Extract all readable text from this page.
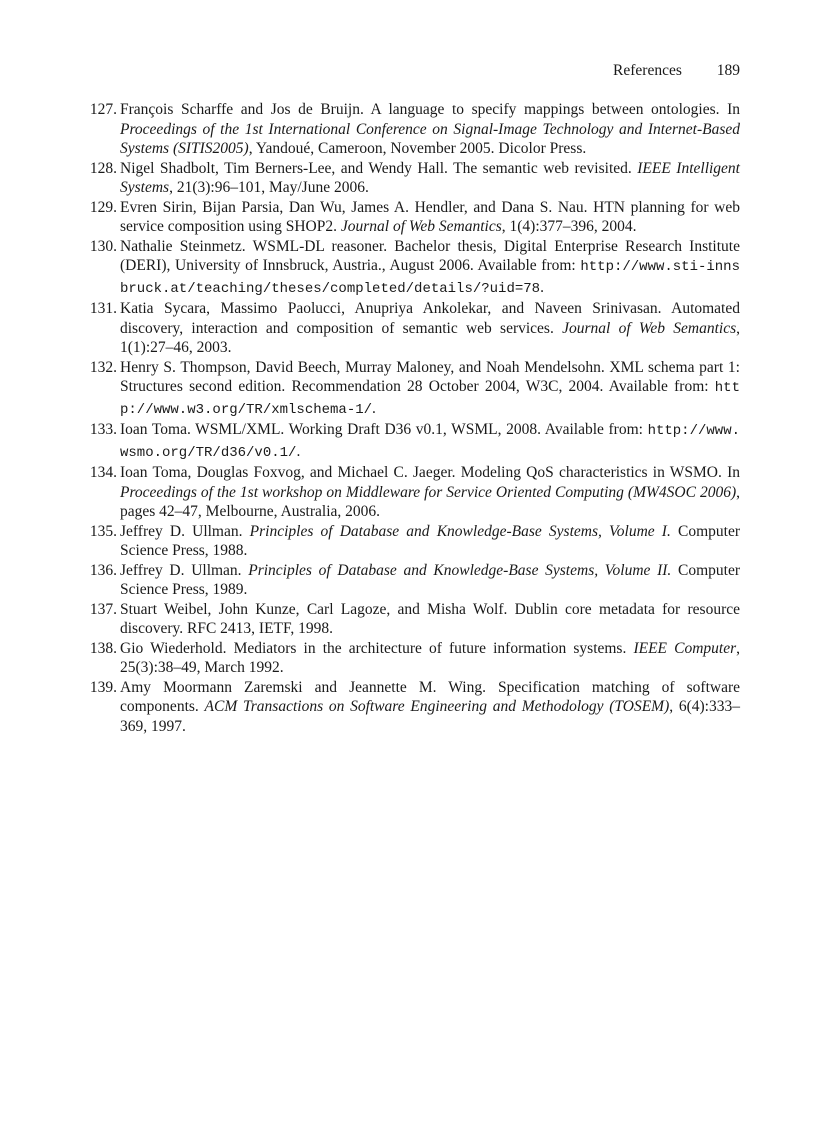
References 189
127. François Scharffe and Jos de Bruijn. A language to specify mappings between ontologies. In Proceedings of the 1st International Conference on Signal-Image Technology and Internet-Based Systems (SITIS2005), Yandoué, Cameroon, November 2005. Dicolor Press.
128. Nigel Shadbolt, Tim Berners-Lee, and Wendy Hall. The semantic web revisited. IEEE Intelligent Systems, 21(3):96–101, May/June 2006.
129. Evren Sirin, Bijan Parsia, Dan Wu, James A. Hendler, and Dana S. Nau. HTN planning for web service composition using SHOP2. Journal of Web Semantics, 1(4):377–396, 2004.
130. Nathalie Steinmetz. WSML-DL reasoner. Bachelor thesis, Digital Enterprise Research Institute (DERI), University of Innsbruck, Austria., August 2006. Available from: http://www.sti-innsbruck.at/teaching/theses/completed/details/?uid=78.
131. Katia Sycara, Massimo Paolucci, Anupriya Ankolekar, and Naveen Srinivasan. Automated discovery, interaction and composition of semantic web services. Journal of Web Semantics, 1(1):27–46, 2003.
132. Henry S. Thompson, David Beech, Murray Maloney, and Noah Mendelsohn. XML schema part 1: Structures second edition. Recommendation 28 October 2004, W3C, 2004. Available from: http://www.w3.org/TR/xmlschema-1/.
133. Ioan Toma. WSML/XML. Working Draft D36 v0.1, WSML, 2008. Available from: http://www.wsmo.org/TR/d36/v0.1/.
134. Ioan Toma, Douglas Foxvog, and Michael C. Jaeger. Modeling QoS characteristics in WSMO. In Proceedings of the 1st workshop on Middleware for Service Oriented Computing (MW4SOC 2006), pages 42–47, Melbourne, Australia, 2006.
135. Jeffrey D. Ullman. Principles of Database and Knowledge-Base Systems, Volume I. Computer Science Press, 1988.
136. Jeffrey D. Ullman. Principles of Database and Knowledge-Base Systems, Volume II. Computer Science Press, 1989.
137. Stuart Weibel, John Kunze, Carl Lagoze, and Misha Wolf. Dublin core metadata for resource discovery. RFC 2413, IETF, 1998.
138. Gio Wiederhold. Mediators in the architecture of future information systems. IEEE Computer, 25(3):38–49, March 1992.
139. Amy Moormann Zaremski and Jeannette M. Wing. Specification matching of software components. ACM Transactions on Software Engineering and Methodology (TOSEM), 6(4):333–369, 1997.
